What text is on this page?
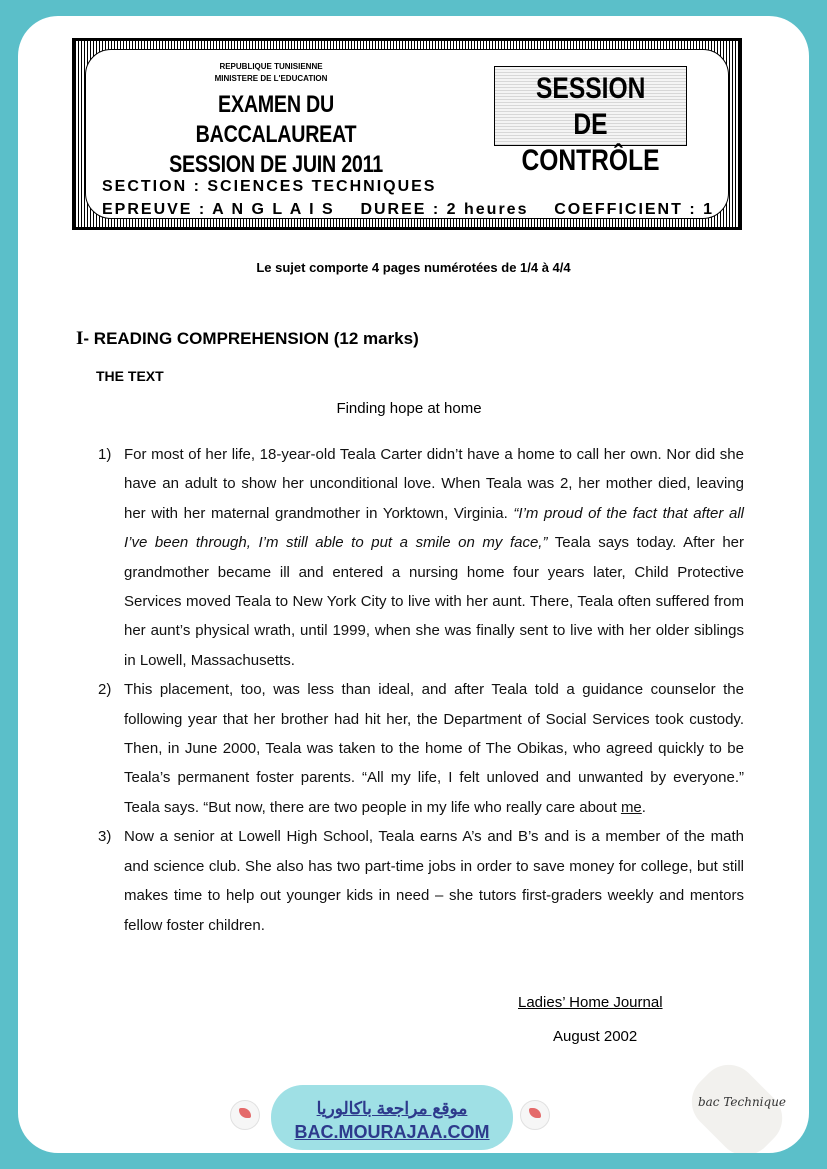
REPUBLIQUE TUNISIENNE
MINISTERE DE L'EDUCATION
EXAMEN DU BACCALAUREAT
SESSION DE JUIN 2011
SESSION
DE CONTRÔLE
SECTION : SCIENCES TECHNIQUES
EPREUVE : A N G L A I S DUREE : 2 heures COEFFICIENT : 1
Le sujet comporte 4 pages numérotées de 1/4 à 4/4
I- READING COMPREHENSION (12 marks)
THE TEXT
Finding hope at home
1) For most of her life, 18-year-old Teala Carter didn’t have a home to call her own. Nor did she have an adult to show her unconditional love. When Teala was 2, her mother died, leaving her with her maternal grandmother in Yorktown, Virginia. “I’m proud of the fact that after all I’ve been through, I’m still able to put a smile on my face,” Teala says today. After her grandmother became ill and entered a nursing home four years later, Child Protective Services moved Teala to New York City to live with her aunt. There, Teala often suffered from her aunt’s physical wrath, until 1999, when she was finally sent to live with her older siblings in Lowell, Massachusetts.
2) This placement, too, was less than ideal, and after Teala told a guidance counselor the following year that her brother had hit her, the Department of Social Services took custody. Then, in June 2000, Teala was taken to the home of The Obikas, who agreed quickly to be Teala’s permanent foster parents. “All my life, I felt unloved and unwanted by everyone.” Teala says. “But now, there are two people in my life who really care about me.
3) Now a senior at Lowell High School, Teala earns A’s and B’s and is a member of the math and science club. She also has two part-time jobs in order to save money for college, but still makes time to help out younger kids in need – she tutors first-graders weekly and mentors fellow foster children.
Ladies’ Home Journal
August 2002
موقع مراجعة باكالوريا
BAC.MOURAJAA.COM
bac Technique
